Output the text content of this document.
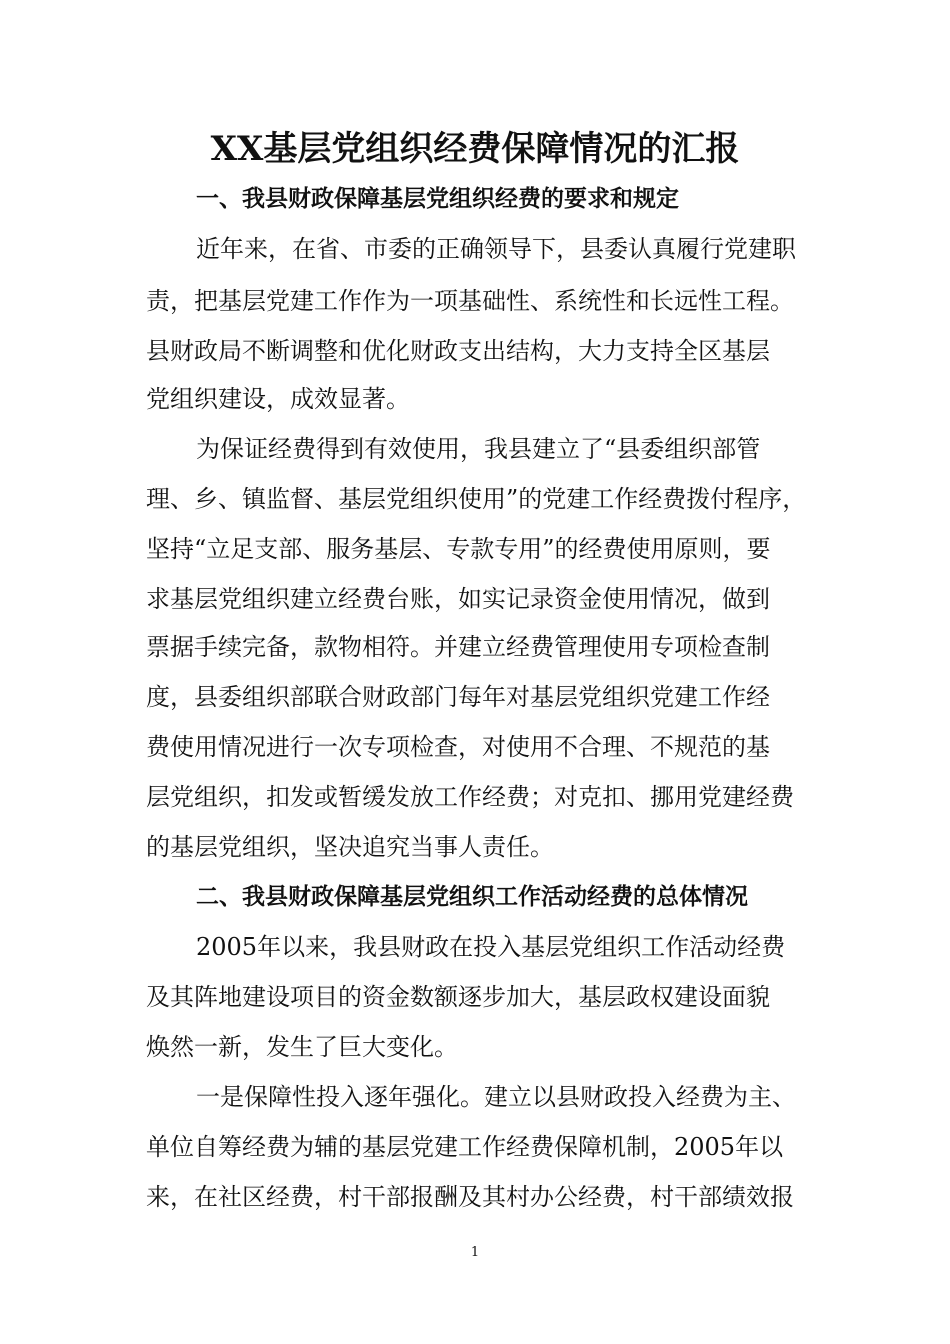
XX基层党组织经费保障情况的汇报
一、我县财政保障基层党组织经费的要求和规定
近年来，在省、市委的正确领导下，县委认真履行党建职
责，把基层党建工作作为一项基础性、系统性和长远性工程。
县财政局不断调整和优化财政支出结构，大力支持全区基层
党组织建设，成效显著。
为保证经费得到有效使用，我县建立了“县委组织部管
理、乡、镇监督、基层党组织使用”的党建工作经费拨付程序，
坚持“立足支部、服务基层、专款专用”的经费使用原则，要
求基层党组织建立经费台账，如实记录资金使用情况，做到
票据手续完备，款物相符。并建立经费管理使用专项检查制
度，县委组织部联合财政部门每年对基层党组织党建工作经
费使用情况进行一次专项检查，对使用不合理、不规范的基
层党组织，扣发或暂缓发放工作经费；对克扣、挪用党建经费
的基层党组织，坚决追究当事人责任。
二、我县财政保障基层党组织工作活动经费的总体情况
2005年以来，我县财政在投入基层党组织工作活动经费
及其阵地建设项目的资金数额逐步加大，基层政权建设面貌
焕然一新，发生了巨大变化。
一是保障性投入逐年强化。建立以县财政投入经费为主、
单位自筹经费为辅的基层党建工作经费保障机制，2005年以
来，在社区经费，村干部报酬及其村办公经费，村干部绩效报
1
